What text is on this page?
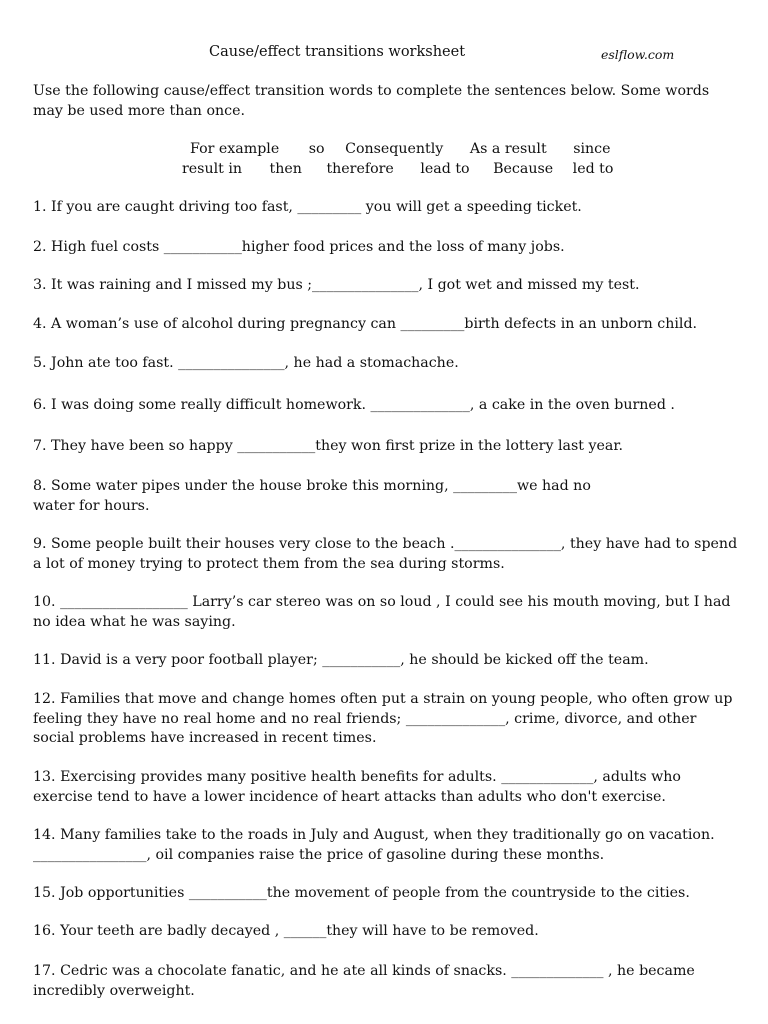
Cause/effect transitions worksheet	eslflow.com
Use the following cause/effect transition words to complete the sentences below. Some words may be used more than once.
For example so Consequently As a result since
result in then therefore lead to Because led to
1. If you are caught driving too fast, _________ you will get a speeding ticket.
2. High fuel costs ___________higher food prices and the loss of many jobs.
3. It was raining and I missed my bus ;_______________, I got wet and missed my test.
4. A woman’s use of alcohol during pregnancy can _________birth defects in an unborn child.
5. John ate too fast. _______________, he had a stomachache.
6. I was doing some really difficult homework. ______________, a cake in the oven burned .
7. They have been so happy ___________they won first prize in the lottery last year.
8. Some water pipes under the house broke this morning, _________we had no water for hours.
9. Some people built their houses very close to the beach ._______________, they have had to spend a lot of money trying to protect them from the sea during storms.
10. __________________ Larry’s car stereo was on so loud , I could see his mouth moving, but I had no idea what he was saying.
11. David is a very poor football player; ___________, he should be kicked off the team.
12. Families that move and change homes often put a strain on young people, who often grow up feeling they have no real home and no real friends; ______________, crime, divorce, and other social problems have increased in recent times.
13. Exercising provides many positive health benefits for adults. _____________, adults who exercise tend to have a lower incidence of heart attacks than adults who don't exercise.
14. Many families take to the roads in July and August, when they traditionally go on vacation. ________________, oil companies raise the price of gasoline during these months.
15. Job opportunities ___________the movement of people from the countryside to the cities.
16. Your teeth are badly decayed , ______they will have to be removed.
17. Cedric was a chocolate fanatic, and he ate all kinds of snacks. _____________ , he became incredibly overweight.
